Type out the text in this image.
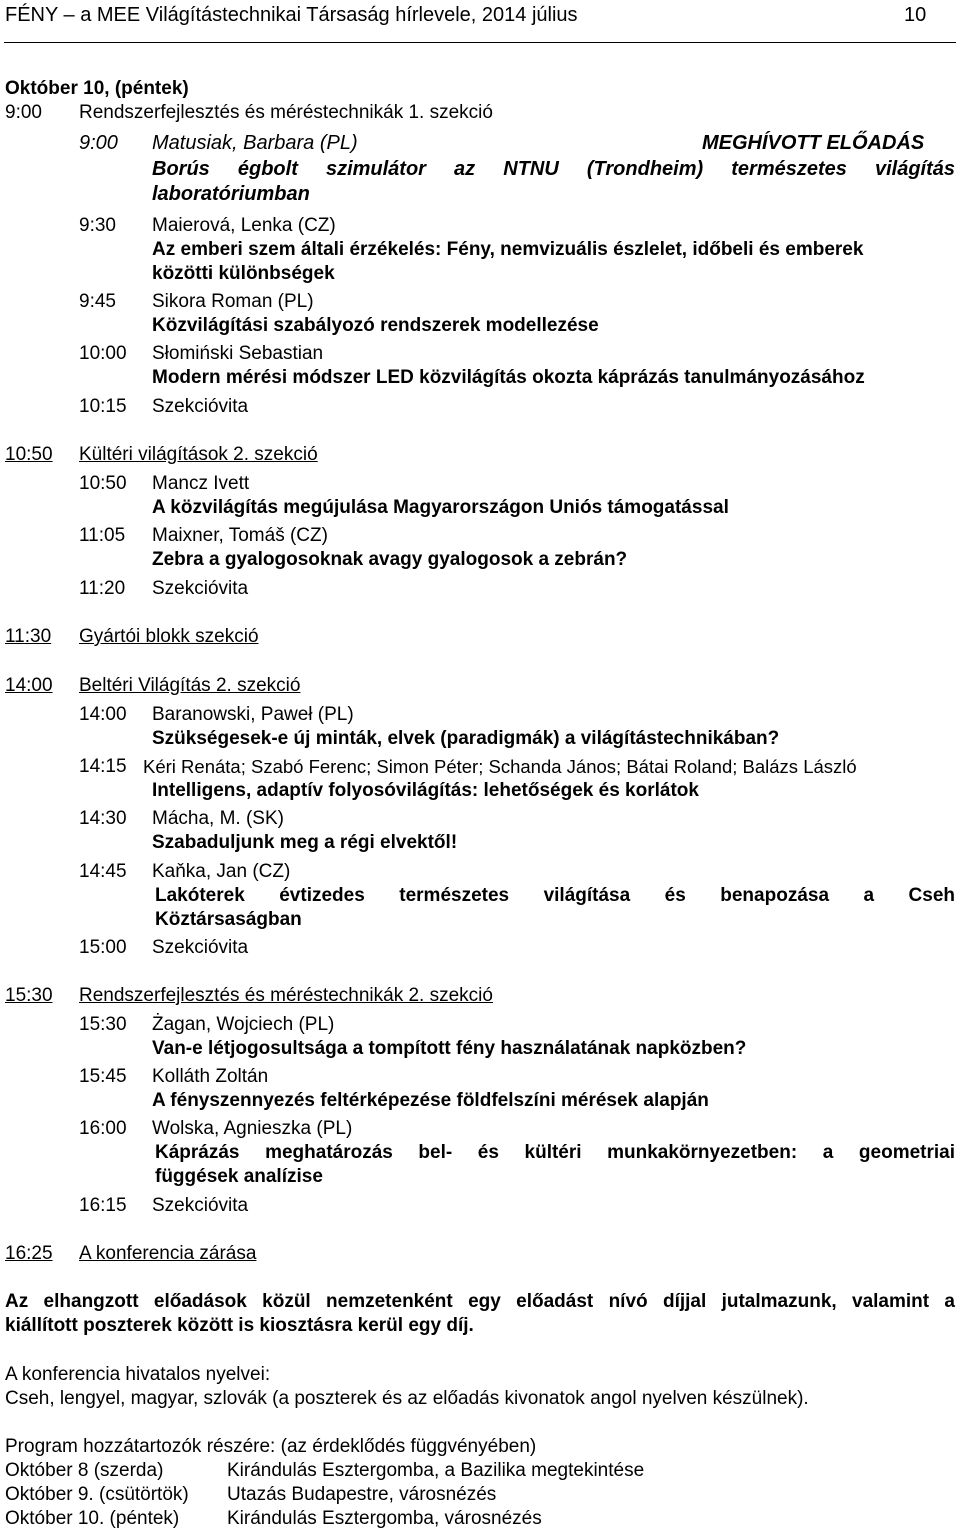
FÉNY – a MEE Világítástechnikai Társaság hírlevele, 2014 július	10
Október 10, (péntek)
9:00 Rendszerfejlesztés és méréstechnikák 1. szekció
9:00 Matusiak, Barbara (PL)	MEGHÍVOTT ELŐADÁS
Borús égbolt szimulátor az NTNU (Trondheim) természetes világítás
laboratóriumban
9:30 Maierová, Lenka (CZ)
Az emberi szem általi érzékelés: Fény, nemvizuális észlelet, időbeli és emberek
közötti különbségek
9:45 Sikora Roman (PL)
Közvilágítási szabályozó rendszerek modellezése
10:00 Słomiński Sebastian
Modern mérési módszer LED közvilágítás okozta káprázás tanulmányozásához
10:15 Szekcióvita
10:50 Kültéri világítások 2. szekció
10:50 Mancz Ivett
A közvilágítás megújulása Magyarországon Uniós támogatással
11:05 Maixner, Tomáš (CZ)
Zebra a gyalogosoknak avagy gyalogosok a zebrán?
11:20 Szekcióvita
11:30 Gyártói blokk szekció
14:00 Beltéri Világítás 2. szekció
14:00 Baranowski, Paweł (PL)
Szükségesek-e új minták, elvek (paradigmák) a világítástechnikában?
14:15 Kéri Renáta; Szabó Ferenc; Simon Péter; Schanda János; Bátai Roland; Balázs László
Intelligens, adaptív folyosóvilágítás: lehetőségek és korlátok
14:30 Mácha, M. (SK)
Szabaduljunk meg a régi elvektől!
14:45 Kaňka, Jan (CZ)
Lakóterek évtizedes természetes világítása és benapozása a Cseh
Köztársaságban
15:00 Szekcióvita
15:30 Rendszerfejlesztés és méréstechnikák 2. szekció
15:30 Żagan, Wojciech (PL)
Van-e létjogosultsága a tompított fény használatának napközben?
15:45 Kolláth Zoltán
A fényszennyezés feltérképezése földfelszíni mérések alapján
16:00 Wolska, Agnieszka (PL)
Káprázás meghatározás bel- és kültéri munkakörnyezetben: a geometriai
függések analízise
16:15 Szekcióvita
16:25 A konferencia zárása
Az elhangzott előadások közül nemzetenként egy előadást nívó díjjal jutalmazunk, valamint a
kiállított poszterek között is kiosztásra kerül egy díj.
A konferencia hivatalos nyelvei:
Cseh, lengyel, magyar, szlovák (a poszterek és az előadás kivonatok angol nyelven készülnek).
Program hozzátartozók részére: (az érdeklődés függvényében)
Október 8 (szerda)	Kirándulás Esztergomba, a Bazilika megtekintése
Október 9. (csütörtök) Utazás Budapestre, városnézés
Október 10. (péntek)	Kirándulás Esztergomba, városnézés
